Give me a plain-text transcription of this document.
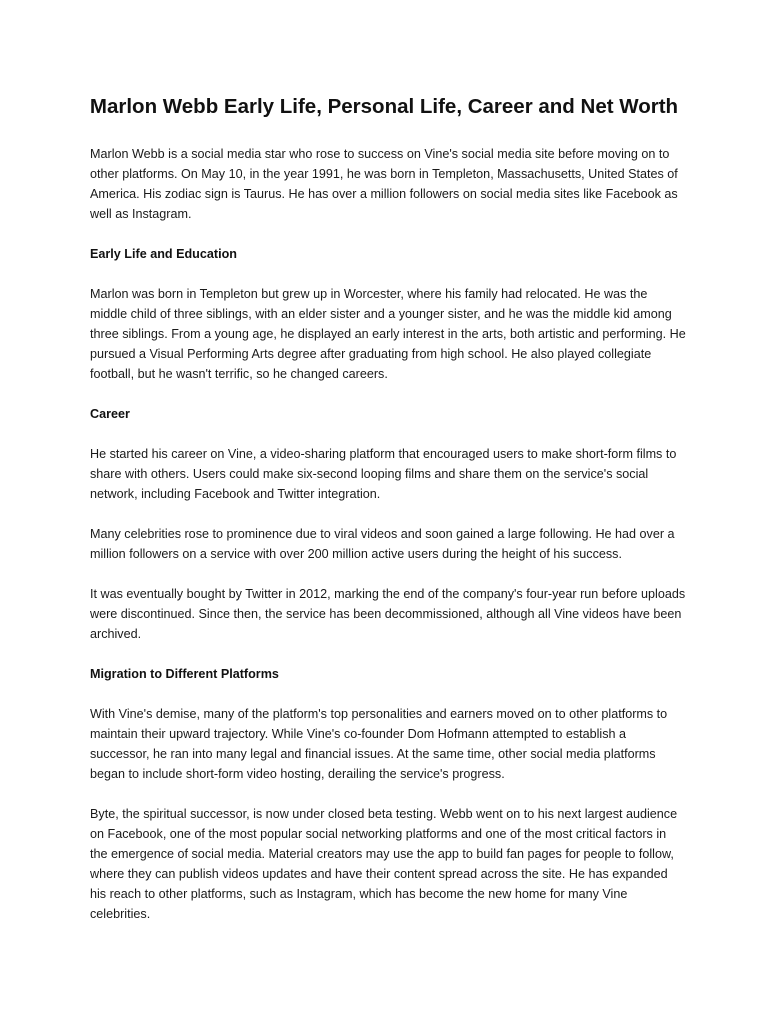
Marlon Webb Early Life, Personal Life, Career and Net Worth

Marlon Webb is a social media star who rose to success on Vine's social media site before moving on to other platforms. On May 10, in the year 1991, he was born in Templeton, Massachusetts, United States of America. His zodiac sign is Taurus. He has over a million followers on social media sites like Facebook as well as Instagram.

Early Life and Education

Marlon was born in Templeton but grew up in Worcester, where his family had relocated. He was the middle child of three siblings, with an elder sister and a younger sister, and he was the middle kid among three siblings. From a young age, he displayed an early interest in the arts, both artistic and performing. He pursued a Visual Performing Arts degree after graduating from high school. He also played collegiate football, but he wasn't terrific, so he changed careers.

Career

He started his career on Vine, a video-sharing platform that encouraged users to make short-form films to share with others. Users could make six-second looping films and share them on the service's social network, including Facebook and Twitter integration.

Many celebrities rose to prominence due to viral videos and soon gained a large following. He had over a million followers on a service with over 200 million active users during the height of his success.

It was eventually bought by Twitter in 2012, marking the end of the company's four-year run before uploads were discontinued. Since then, the service has been decommissioned, although all Vine videos have been archived.

Migration to Different Platforms

With Vine's demise, many of the platform's top personalities and earners moved on to other platforms to maintain their upward trajectory. While Vine's co-founder Dom Hofmann attempted to establish a successor, he ran into many legal and financial issues. At the same time, other social media platforms began to include short-form video hosting, derailing the service's progress.

Byte, the spiritual successor, is now under closed beta testing. Webb went on to his next largest audience on Facebook, one of the most popular social networking platforms and one of the most critical factors in the emergence of social media. Material creators may use the app to build fan pages for people to follow, where they can publish videos updates and have their content spread across the site. He has expanded his reach to other platforms, such as Instagram, which has become the new home for many Vine celebrities.
